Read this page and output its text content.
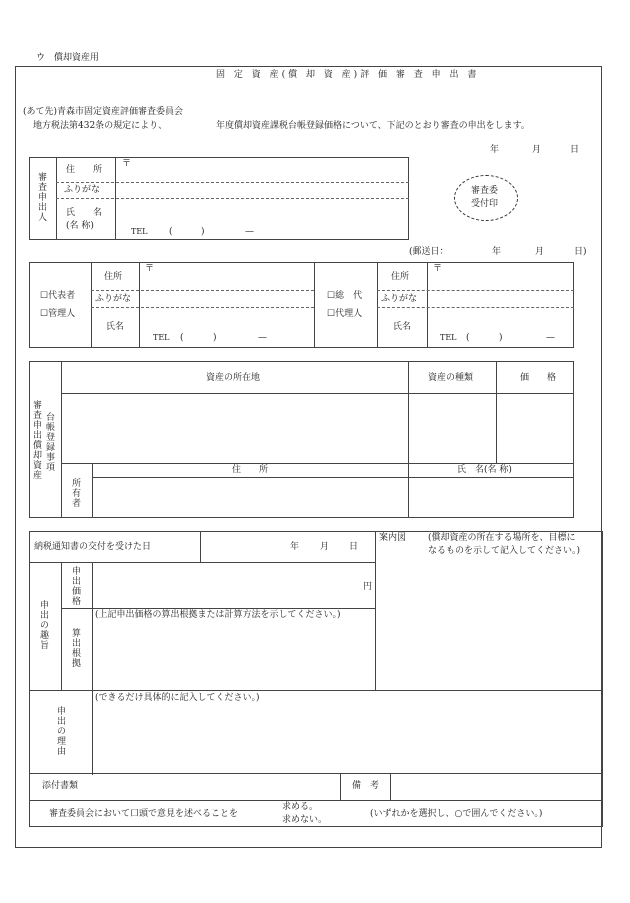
ウ　償却資産用
固 定 資 産(償 却 資 産)評 価 審 査 申 出 書
(あて先)青森市固定資産評価審査委員会
地方税法第432条の規定により、	年度償却資産課税台帳登録価格について、下記のとおり審査の申出をします。
年	月	日
審査申出人
住　　所
〒
ふりがな
氏　　名
(名 称)
TEL (	)	—
審査委
受付印
(郵送日：	年	月	日)
☐代表者
☐管理人
住所
〒
ふりがな
氏名
TEL (	)	—
☐総　代
☐代理人
住所
〒
ふりがな
氏名
TEL (	)	—
審査申出償却資産 台帳登録事項
資産の所在地	資産の種類	価　　格
所有者
住　　所	氏　名(名 称)
納税通知書の交付を受けた日	年 月 日
案内図 (償却資産の所在する場所を、目標に
なるものを示して記入してください。)
申出の趣旨
申出価格	円
算出根拠
(上記申出価格の算出根拠または計算方法を示してください。)
申出の理由
(できるだけ具体的に記入してください。)
添付書類	備　考
審査委員会において口頭で意見を述べることを
求める。
求めない。
(いずれかを選択し、○で囲んでください。)
